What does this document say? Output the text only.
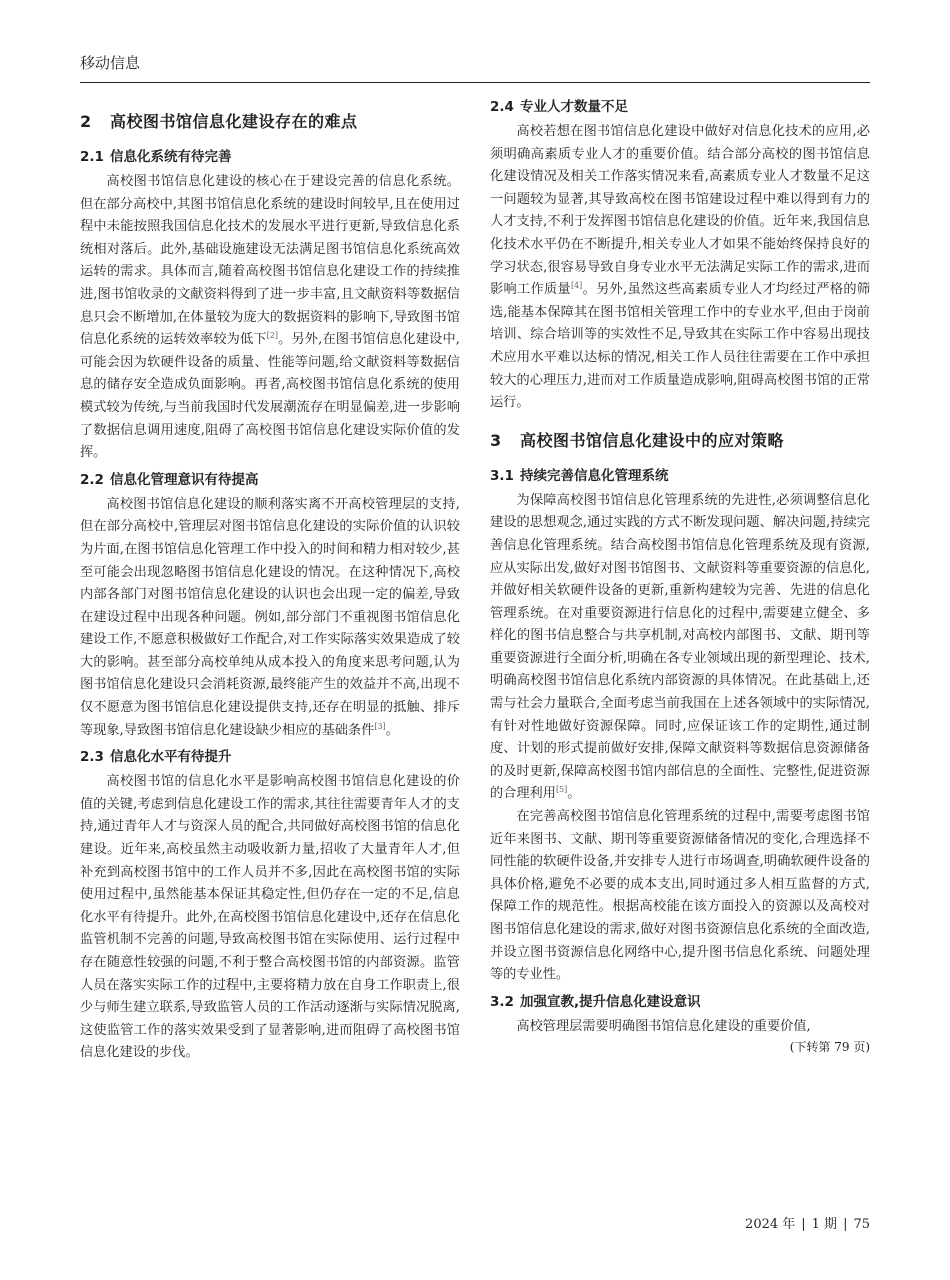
移动信息
2 高校图书馆信息化建设存在的难点
2.1 信息化系统有待完善

高校图书馆信息化建设的核心在于建设完善的信息化系统。但在部分高校中,其图书馆信息化系统的建设时间较早,且在使用过程中未能按照我国信息化技术的发展水平进行更新,导致信息化系统相对落后。此外,基础设施建设无法满足图书馆信息化系统高效运转的需求。具体而言,随着高校图书馆信息化建设工作的持续推进,图书馆收录的文献资料得到了进一步丰富,且文献资料等数据信息只会不断增加,在体量较为庞大的数据资料的影响下,导致图书馆信息化系统的运转效率较为低下[2]。另外,在图书馆信息化建设中,可能会因为软硬件设备的质量、性能等问题,给文献资料等数据信息的储存安全造成负面影响。再者,高校图书馆信息化系统的使用模式较为传统,与当前我国时代发展潮流存在明显偏差,进一步影响了数据信息调用速度,阻碍了高校图书馆信息化建设实际价值的发挥。

2.2 信息化管理意识有待提高

高校图书馆信息化建设的顺利落实离不开高校管理层的支持,但在部分高校中,管理层对图书馆信息化建设的实际价值的认识较为片面,在图书馆信息化管理工作中投入的时间和精力相对较少,甚至可能会出现忽略图书馆信息化建设的情况。在这种情况下,高校内部各部门对图书馆信息化建设的认识也会出现一定的偏差,导致在建设过程中出现各种问题。例如,部分部门不重视图书馆信息化建设工作,不愿意积极做好工作配合,对工作实际落实效果造成了较大的影响。甚至部分高校单纯从成本投入的角度来思考问题,认为图书馆信息化建设只会消耗资源,最终能产生的效益并不高,出现不仅不愿意为图书馆信息化建设提供支持,还存在明显的抵触、排斥等现象,导致图书馆信息化建设缺少相应的基础条件[3]。

2.3 信息化水平有待提升

高校图书馆的信息化水平是影响高校图书馆信息化建设的价值的关键,考虑到信息化建设工作的需求,其往往需要青年人才的支持,通过青年人才与资深人员的配合,共同做好高校图书馆的信息化建设。近年来,高校虽然主动吸收新力量,招收了大量青年人才,但补充到高校图书馆中的工作人员并不多,因此在高校图书馆的实际使用过程中,虽然能基本保证其稳定性,但仍存在一定的不足,信息化水平有待提升。此外,在高校图书馆信息化建设中,还存在信息化监管机制不完善的问题,导致高校图书馆在实际使用、运行过程中存在随意性较强的问题,不利于整合高校图书馆的内部资源。监管人员在落实实际工作的过程中,主要将精力放在自身工作职责上,很少与师生建立联系,导致监管人员的工作活动逐渐与实际情况脱离,这使监管工作的落实效果受到了显著影响,进而阻碍了高校图书馆信息化建设的步伐。

2.4 专业人才数量不足

高校若想在图书馆信息化建设中做好对信息化技术的应用,必须明确高素质专业人才的重要价值。结合部分高校的图书馆信息化建设情况及相关工作落实情况来看,高素质专业人才数量不足这一问题较为显著,其导致高校在图书馆建设过程中难以得到有力的人才支持,不利于发挥图书馆信息化建设的价值。近年来,我国信息化技术水平仍在不断提升,相关专业人才如果不能始终保持良好的学习状态,很容易导致自身专业水平无法满足实际工作的需求,进而影响工作质量[4]。另外,虽然这些高素质专业人才均经过严格的筛选,能基本保障其在图书馆相关管理工作中的专业水平,但由于岗前培训、综合培训等的实效性不足,导致其在实际工作中容易出现技术应用水平难以达标的情况,相关工作人员往往需要在工作中承担较大的心理压力,进而对工作质量造成影响,阻碍高校图书馆的正常运行。

3 高校图书馆信息化建设中的应对策略
3.1 持续完善信息化管理系统

为保障高校图书馆信息化管理系统的先进性,必须调整信息化建设的思想观念,通过实践的方式不断发现问题、解决问题,持续完善信息化管理系统。结合高校图书馆信息化管理系统及现有资源,应从实际出发,做好对图书馆图书、文献资料等重要资源的信息化,并做好相关软硬件设备的更新,重新构建较为完善、先进的信息化管理系统。在对重要资源进行信息化的过程中,需要建立健全、多样化的图书信息整合与共享机制,对高校内部图书、文献、期刊等重要资源进行全面分析,明确在各专业领域出现的新型理论、技术,明确高校图书馆信息化系统内部资源的具体情况。在此基础上,还需与社会力量联合,全面考虑当前我国在上述各领域中的实际情况,有针对性地做好资源保障。同时,应保证该工作的定期性,通过制度、计划的形式提前做好安排,保障文献资料等数据信息资源储备的及时更新,保障高校图书馆内部信息的全面性、完整性,促进资源的合理利用[5]。

在完善高校图书馆信息化管理系统的过程中,需要考虑图书馆近年来图书、文献、期刊等重要资源储备情况的变化,合理选择不同性能的软硬件设备,并安排专人进行市场调查,明确软硬件设备的具体价格,避免不必要的成本支出,同时通过多人相互监督的方式,保障工作的规范性。根据高校能在该方面投入的资源以及高校对图书馆信息化建设的需求,做好对图书资源信息化系统的全面改造,并设立图书资源信息化网络中心,提升图书信息化系统、问题处理等的专业性。

3.2 加强宣教,提升信息化建设意识

高校管理层需要明确图书馆信息化建设的重要价值,

(下转第 79 页)
2024 年 | 1 期 | 75
